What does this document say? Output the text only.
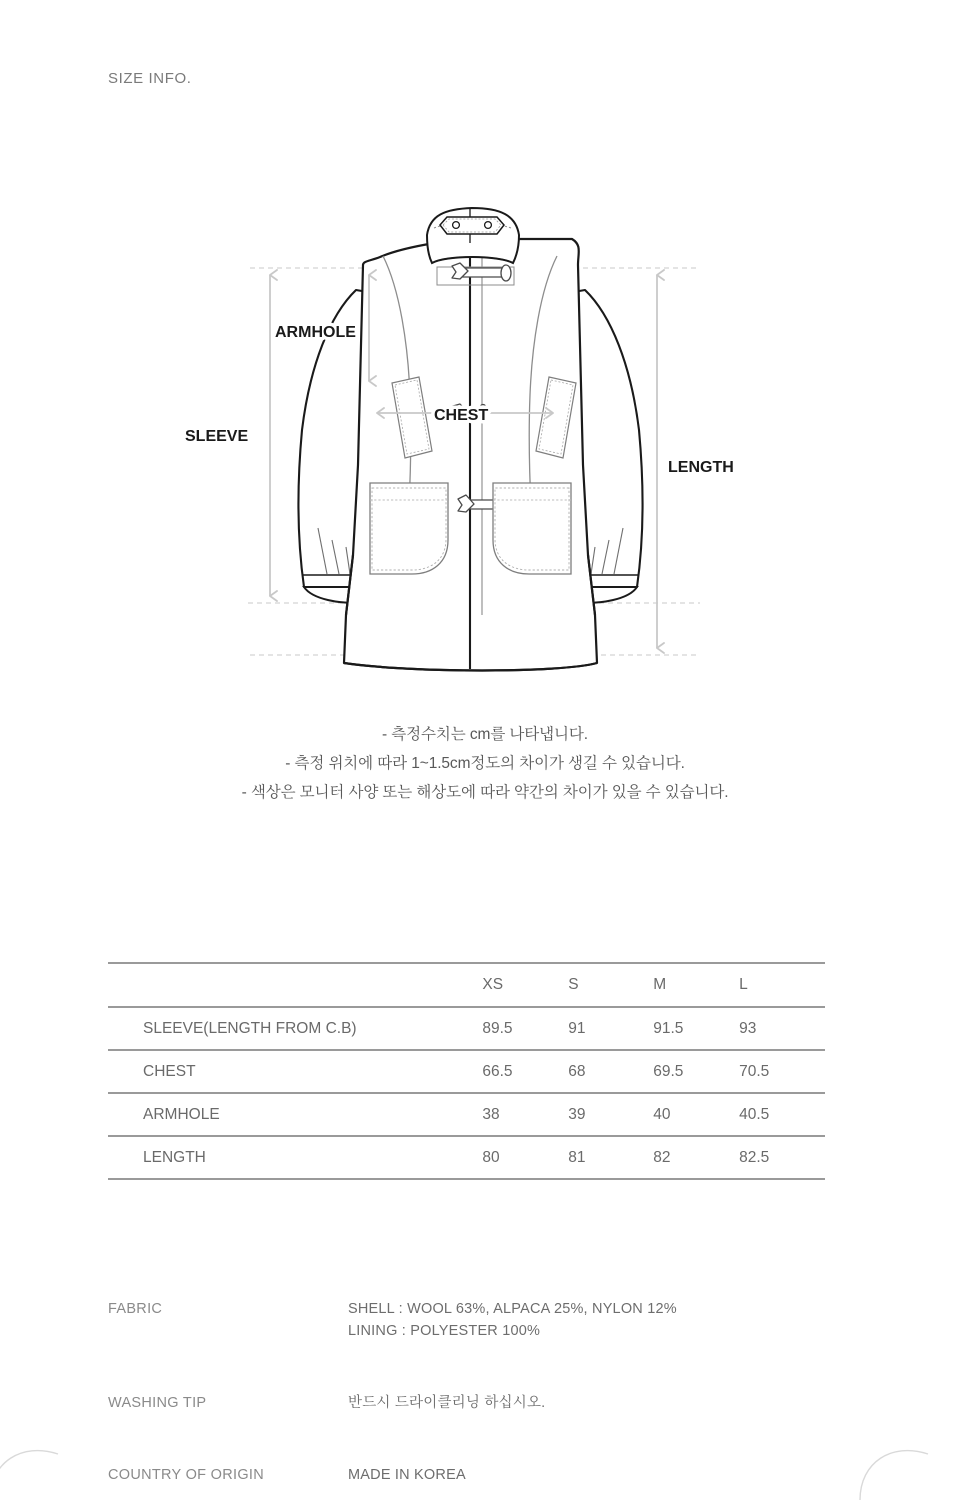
SIZE INFO.
ARMHOLE
SLEEVE
CHEST
LENGTH
- 측정수치는 cm를 나타냅니다.
- 측정 위치에 따라 1~1.5cm정도의 차이가 생길 수 있습니다.
- 색상은 모니터 사양 또는 해상도에 따라 약간의 차이가 있을 수 있습니다.
	XS	S	M	L
SLEEVE(LENGTH FROM C.B)	89.5	91	91.5	93
CHEST	66.5	68	69.5	70.5
ARMHOLE	38	39	40	40.5
LENGTH	80	81	82	82.5
FABRIC	SHELL : WOOL 63%, ALPACA 25%, NYLON 12%
LINING : POLYESTER 100%
WASHING TIP	반드시 드라이클리닝 하십시오.
COUNTRY OF ORIGIN	MADE IN KOREA
